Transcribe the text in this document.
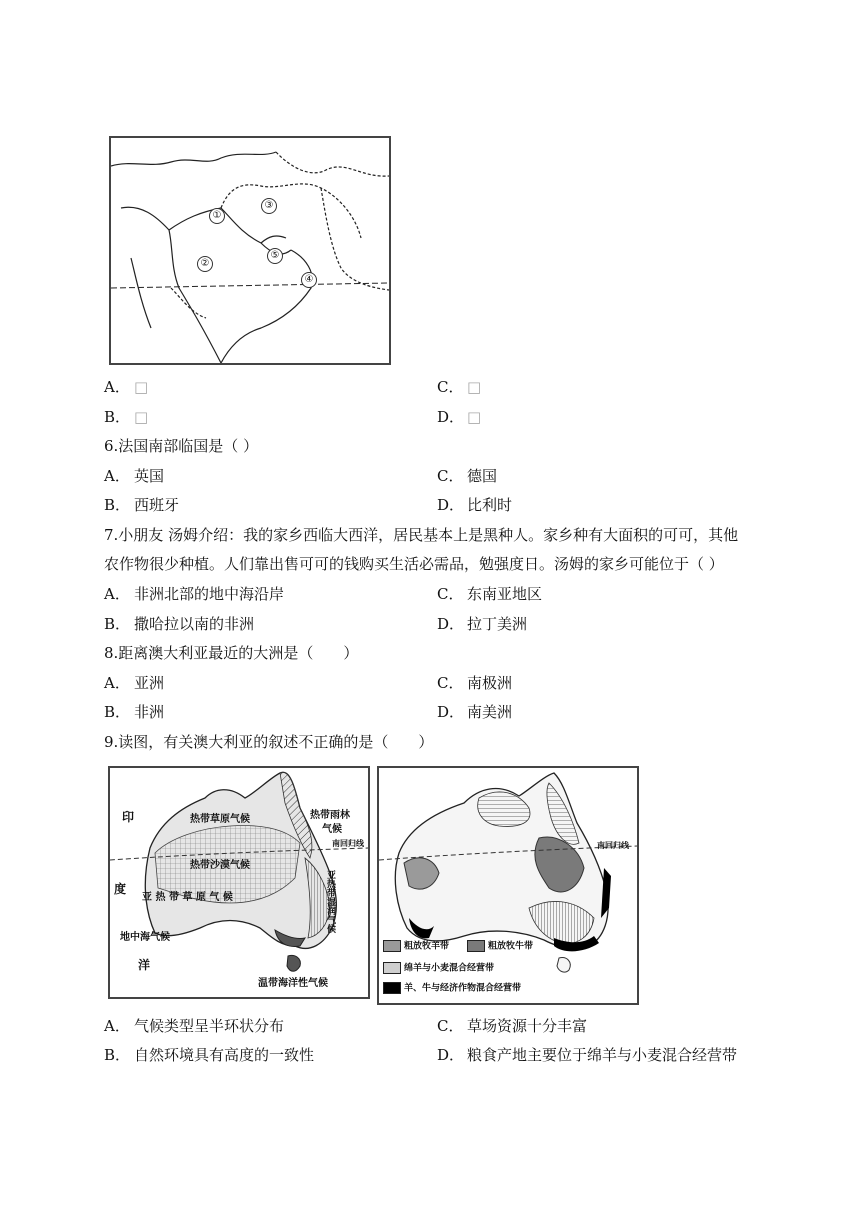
①
②
③
④
⑤
A． □	C． □
B． □	D． □
6.法国南部临国是（ ）
A． 英国	C． 德国
B． 西班牙	D． 比利时
7.小朋友 汤姆介绍：我的家乡西临大西洋，居民基本上是黑种人。家乡种有大面积的可可，其他
农作物很少种植。人们靠出售可可的钱购买生活必需品，勉强度日。汤姆的家乡可能位于（ ）
A． 非洲北部的地中海沿岸	C． 东南亚地区
B． 撒哈拉以南的非洲	D． 拉丁美洲
8.距离澳大利亚最近的大洲是（　　）
A． 亚洲	C． 南极洲
B． 非洲	D． 南美洲
9.读图，有关澳大利亚的叙述不正确的是（　　）
印
度
洋
热带草原气候	热带雨林
气候
热带沙漠气候
亚 热 带 草 原 气 候
地中海气候
温带海洋性气候
亚热带湿润气候
南回归线	南回归线
粗放牧羊带	粗放牧牛带
绵羊与小麦混合经营带
羊、牛与经济作物混合经营带
A． 气候类型呈半环状分布	C． 草场资源十分丰富
B． 自然环境具有高度的一致性	D． 粮食产地主要位于绵羊与小麦混合经营带
